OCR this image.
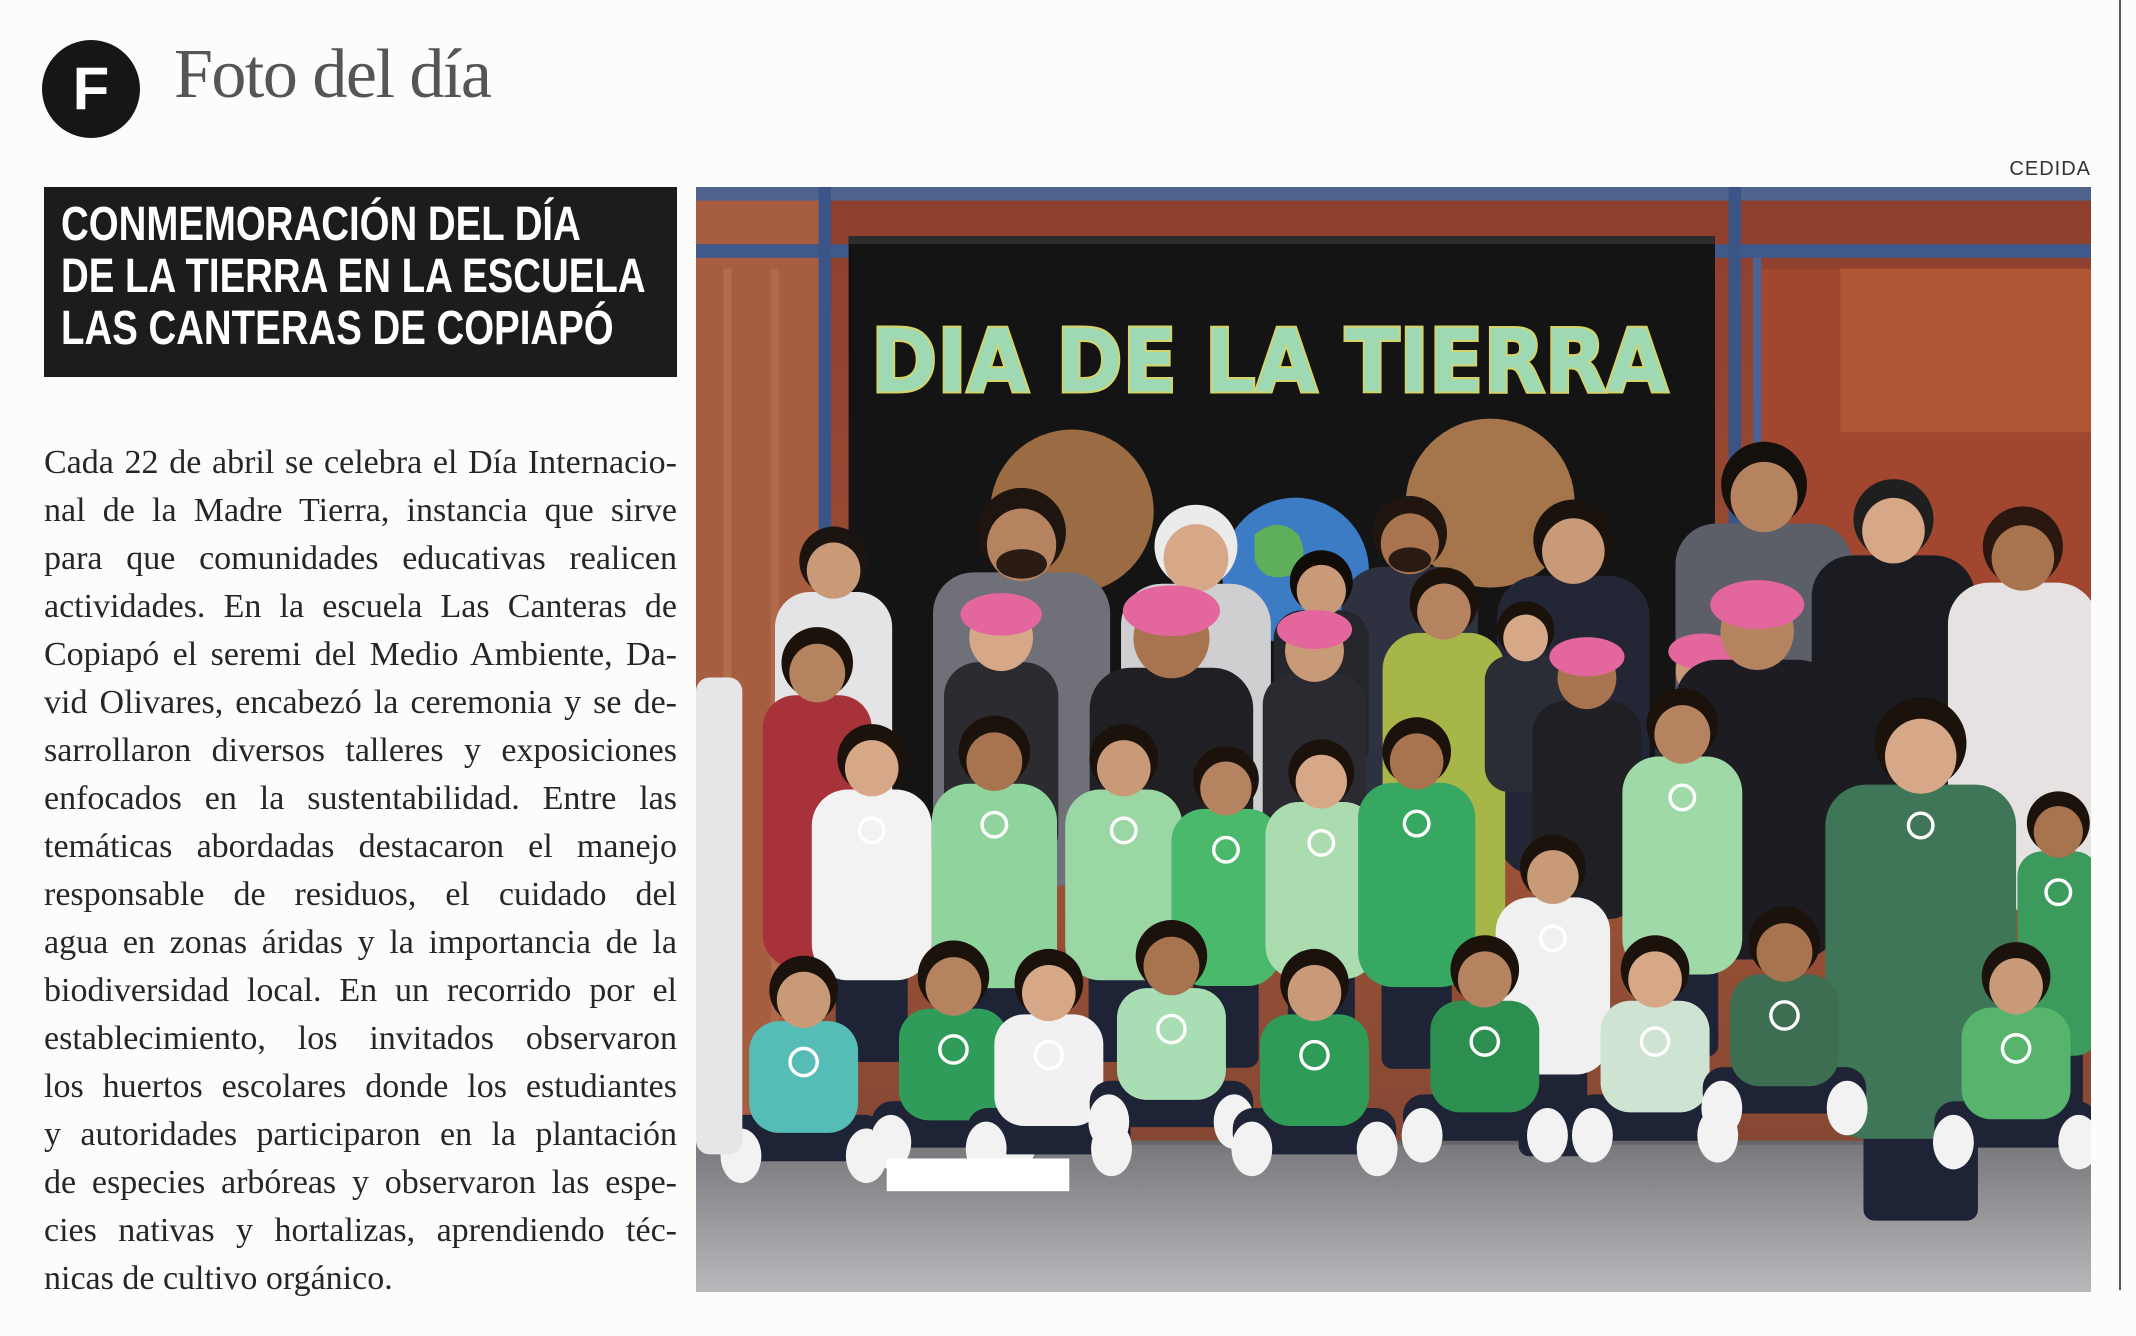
F Foto del día
CONMEMORACIÓN DEL DÍA
DE LA TIERRA EN LA ESCUELA
LAS CANTERAS DE COPIAPÓ
Cada 22 de abril se celebra el Día Internacio-
nal de la Madre Tierra, instancia que sirve
para que comunidades educativas realicen
actividades. En la escuela Las Canteras de
Copiapó el seremi del Medio Ambiente, Da-
vid Olivares, encabezó la ceremonia y se de-
sarrollaron diversos talleres y exposiciones
enfocados en la sustentabilidad. Entre las
temáticas abordadas destacaron el manejo
responsable de residuos, el cuidado del
agua en zonas áridas y la importancia de la
biodiversidad local. En un recorrido por el
establecimiento, los invitados observaron
los huertos escolares donde los estudiantes
y autoridades participaron en la plantación
de especies arbóreas y observaron las espe-
cies nativas y hortalizas, aprendiendo téc-
nicas de cultivo orgánico.
CEDIDA
DIA DE LA TIERRA
